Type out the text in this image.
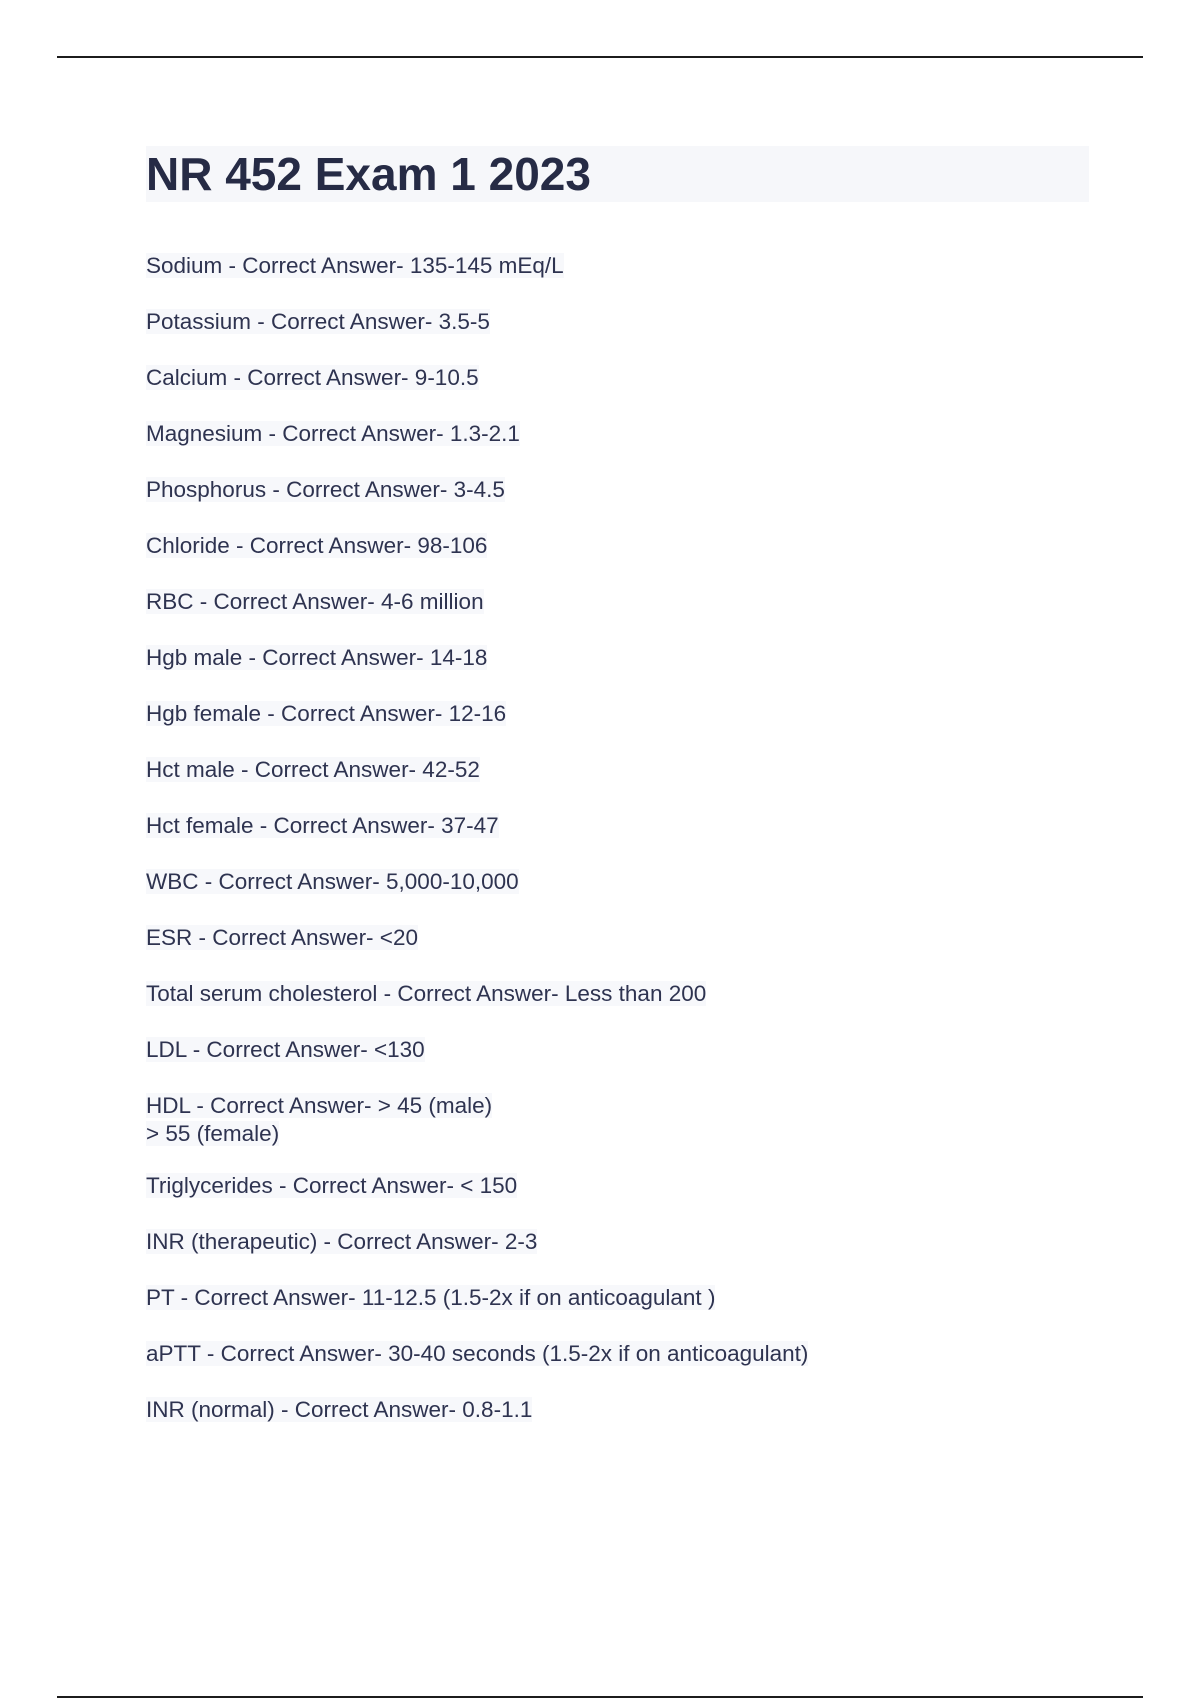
NR 452 Exam 1 2023
Sodium - Correct Answer- 135-145 mEq/L
Potassium - Correct Answer- 3.5-5
Calcium - Correct Answer- 9-10.5
Magnesium - Correct Answer- 1.3-2.1
Phosphorus - Correct Answer- 3-4.5
Chloride - Correct Answer- 98-106
RBC - Correct Answer- 4-6 million
Hgb male - Correct Answer- 14-18
Hgb female - Correct Answer- 12-16
Hct male - Correct Answer- 42-52
Hct female - Correct Answer- 37-47
WBC - Correct Answer- 5,000-10,000
ESR - Correct Answer- <20
Total serum cholesterol - Correct Answer- Less than 200
LDL - Correct Answer- <130
HDL - Correct Answer- > 45 (male)
> 55 (female)
Triglycerides - Correct Answer- < 150
INR (therapeutic) - Correct Answer- 2-3
PT - Correct Answer- 11-12.5 (1.5-2x if on anticoagulant )
aPTT - Correct Answer- 30-40 seconds (1.5-2x if on anticoagulant)
INR (normal) - Correct Answer- 0.8-1.1
